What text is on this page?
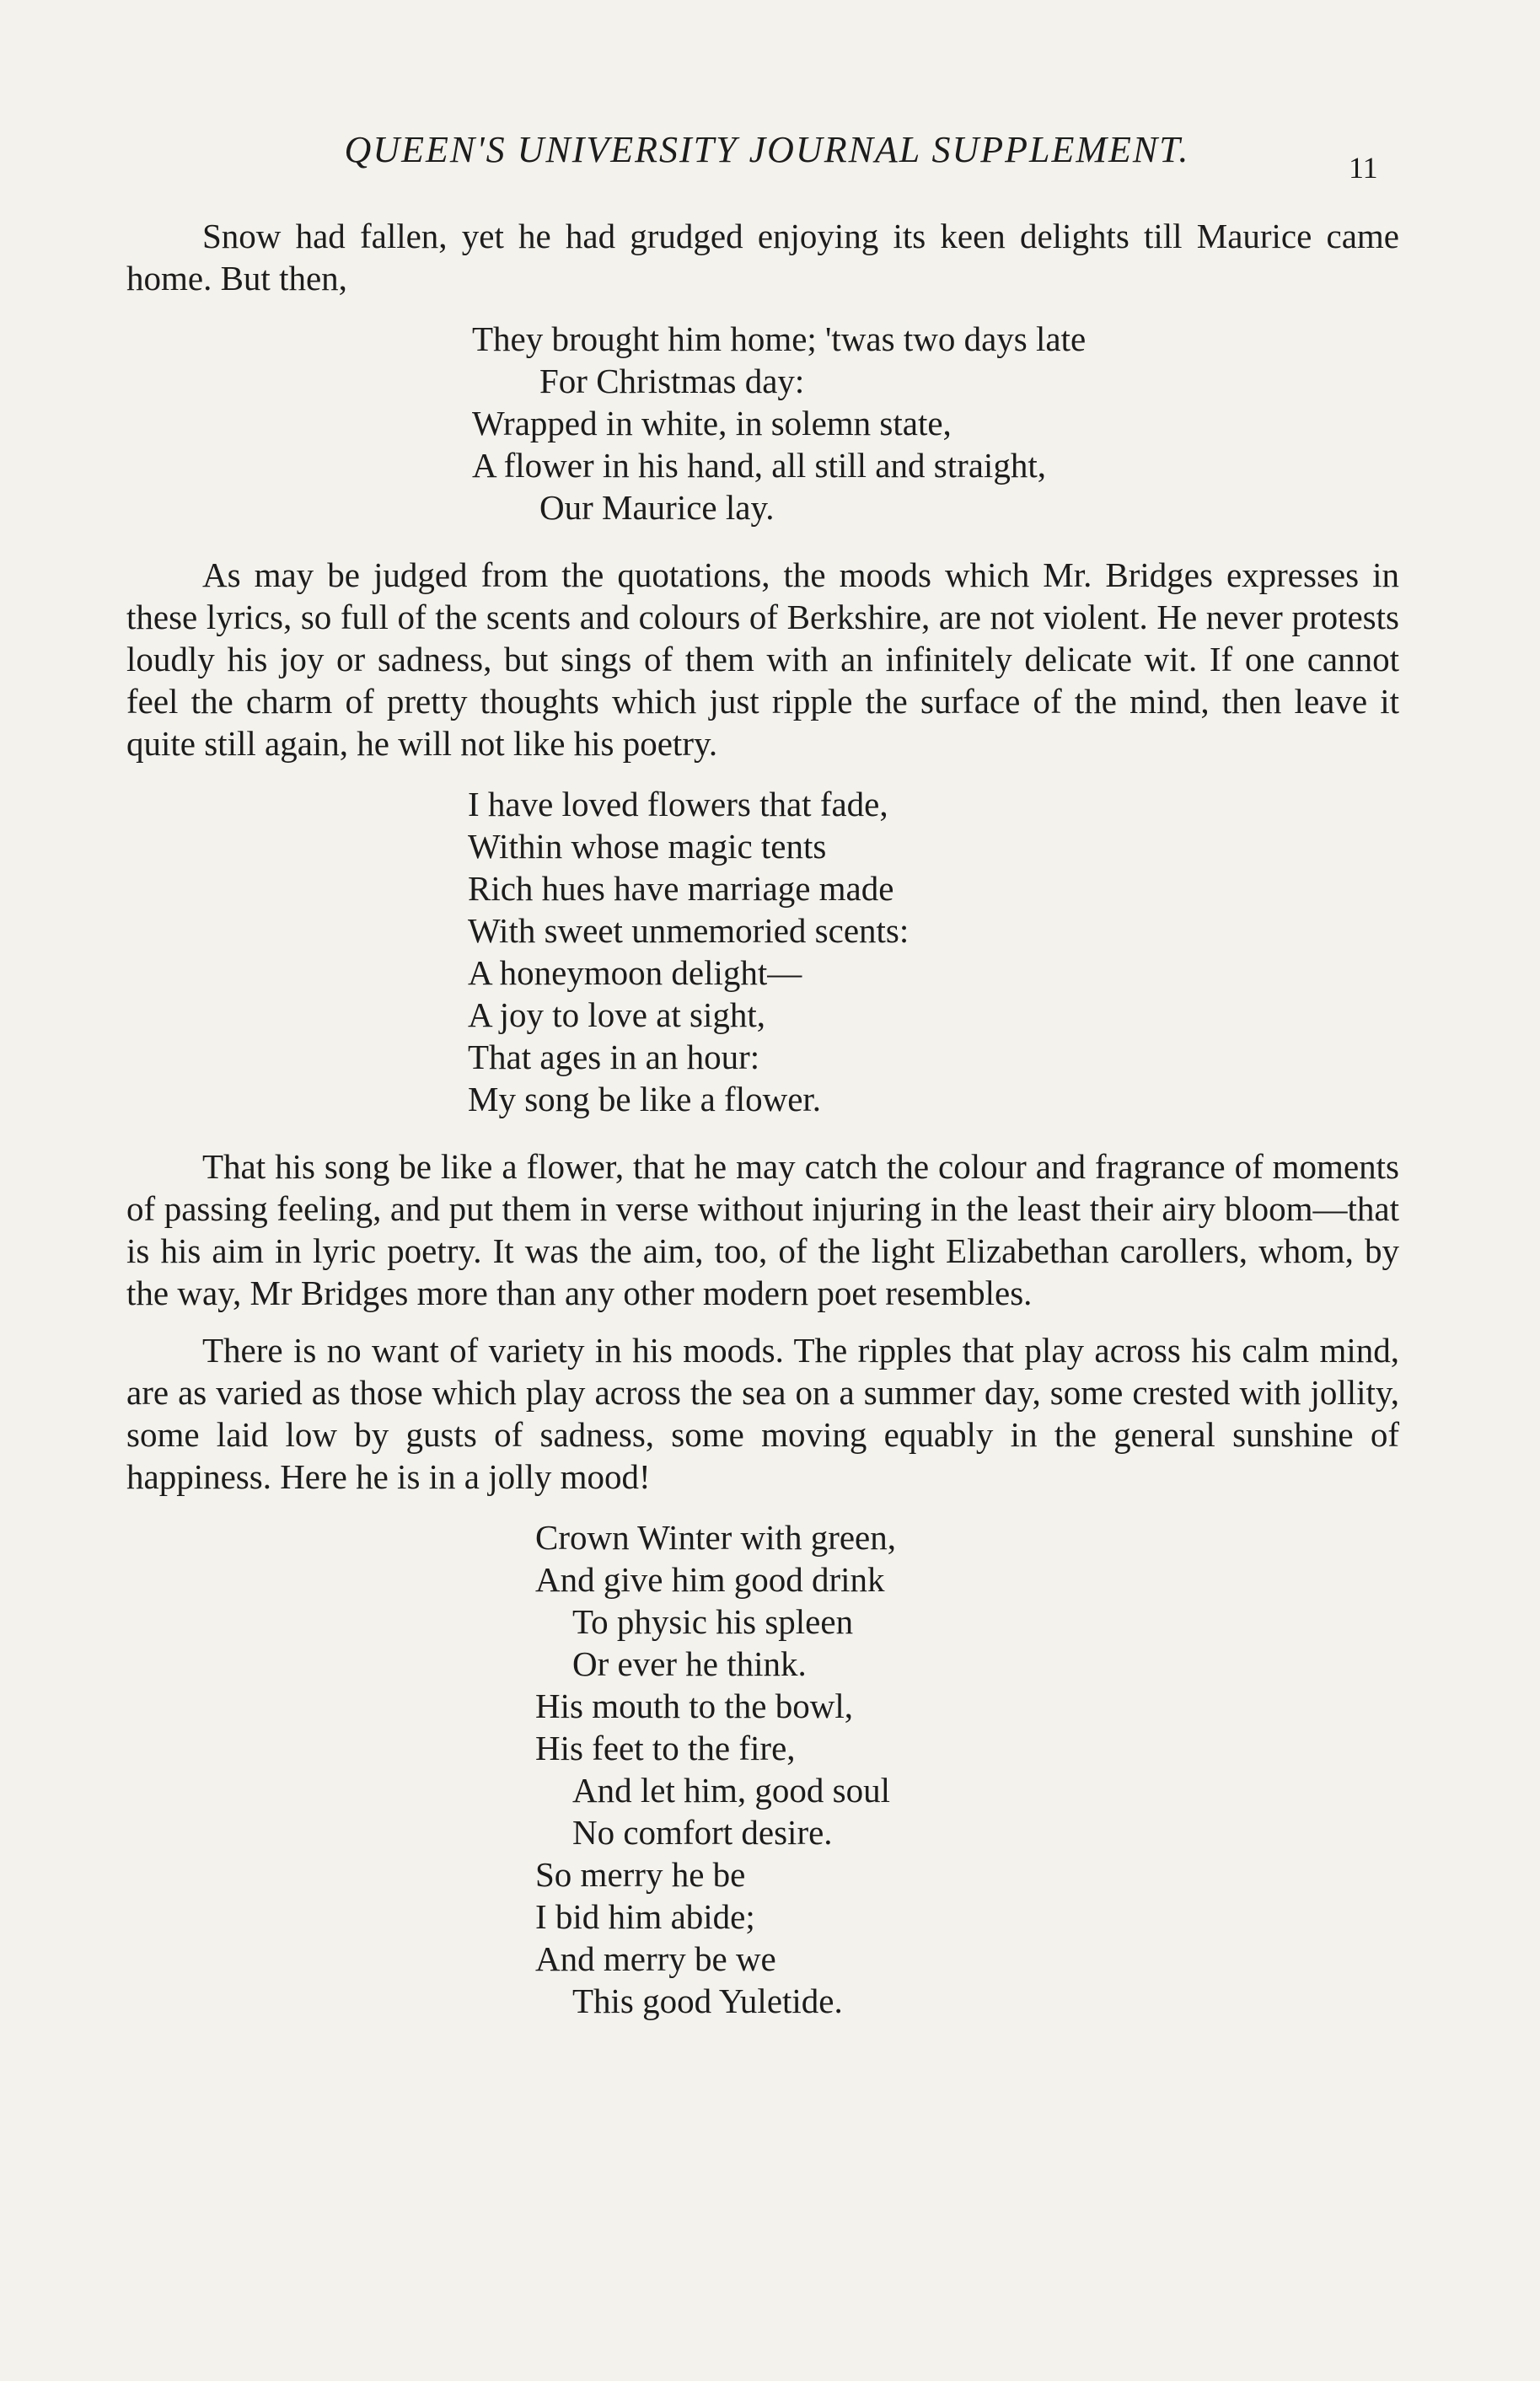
QUEEN'S UNIVERSITY JOURNAL SUPPLEMENT.	11

Snow had fallen, yet he had grudged enjoying its keen delights till Maurice came home. But then,

They brought him home; 'twas two days late
For Christmas day:
Wrapped in white, in solemn state,
A flower in his hand, all still and straight,
Our Maurice lay.

As may be judged from the quotations, the moods which Mr. Bridges expresses in these lyrics, so full of the scents and colours of Berkshire, are not violent. He never protests loudly his joy or sadness, but sings of them with an infinitely delicate wit. If one cannot feel the charm of pretty thoughts which just ripple the surface of the mind, then leave it quite still again, he will not like his poetry.

I have loved flowers that fade,
Within whose magic tents
Rich hues have marriage made
With sweet unmemoried scents:
A honeymoon delight—
A joy to love at sight,
That ages in an hour:
My song be like a flower.

That his song be like a flower, that he may catch the colour and fragrance of moments of passing feeling, and put them in verse without injuring in the least their airy bloom—that is his aim in lyric poetry. It was the aim, too, of the light Elizabethan carollers, whom, by the way, Mr Bridges more than any other modern poet resembles.

There is no want of variety in his moods. The ripples that play across his calm mind, are as varied as those which play across the sea on a summer day, some crested with jollity, some laid low by gusts of sadness, some moving equably in the general sunshine of happiness. Here he is in a jolly mood!

Crown Winter with green,
And give him good drink
To physic his spleen
Or ever he think.
His mouth to the bowl,
His feet to the fire,
And let him, good soul
No comfort desire.
So merry he be
I bid him abide;
And merry be we
This good Yuletide.
